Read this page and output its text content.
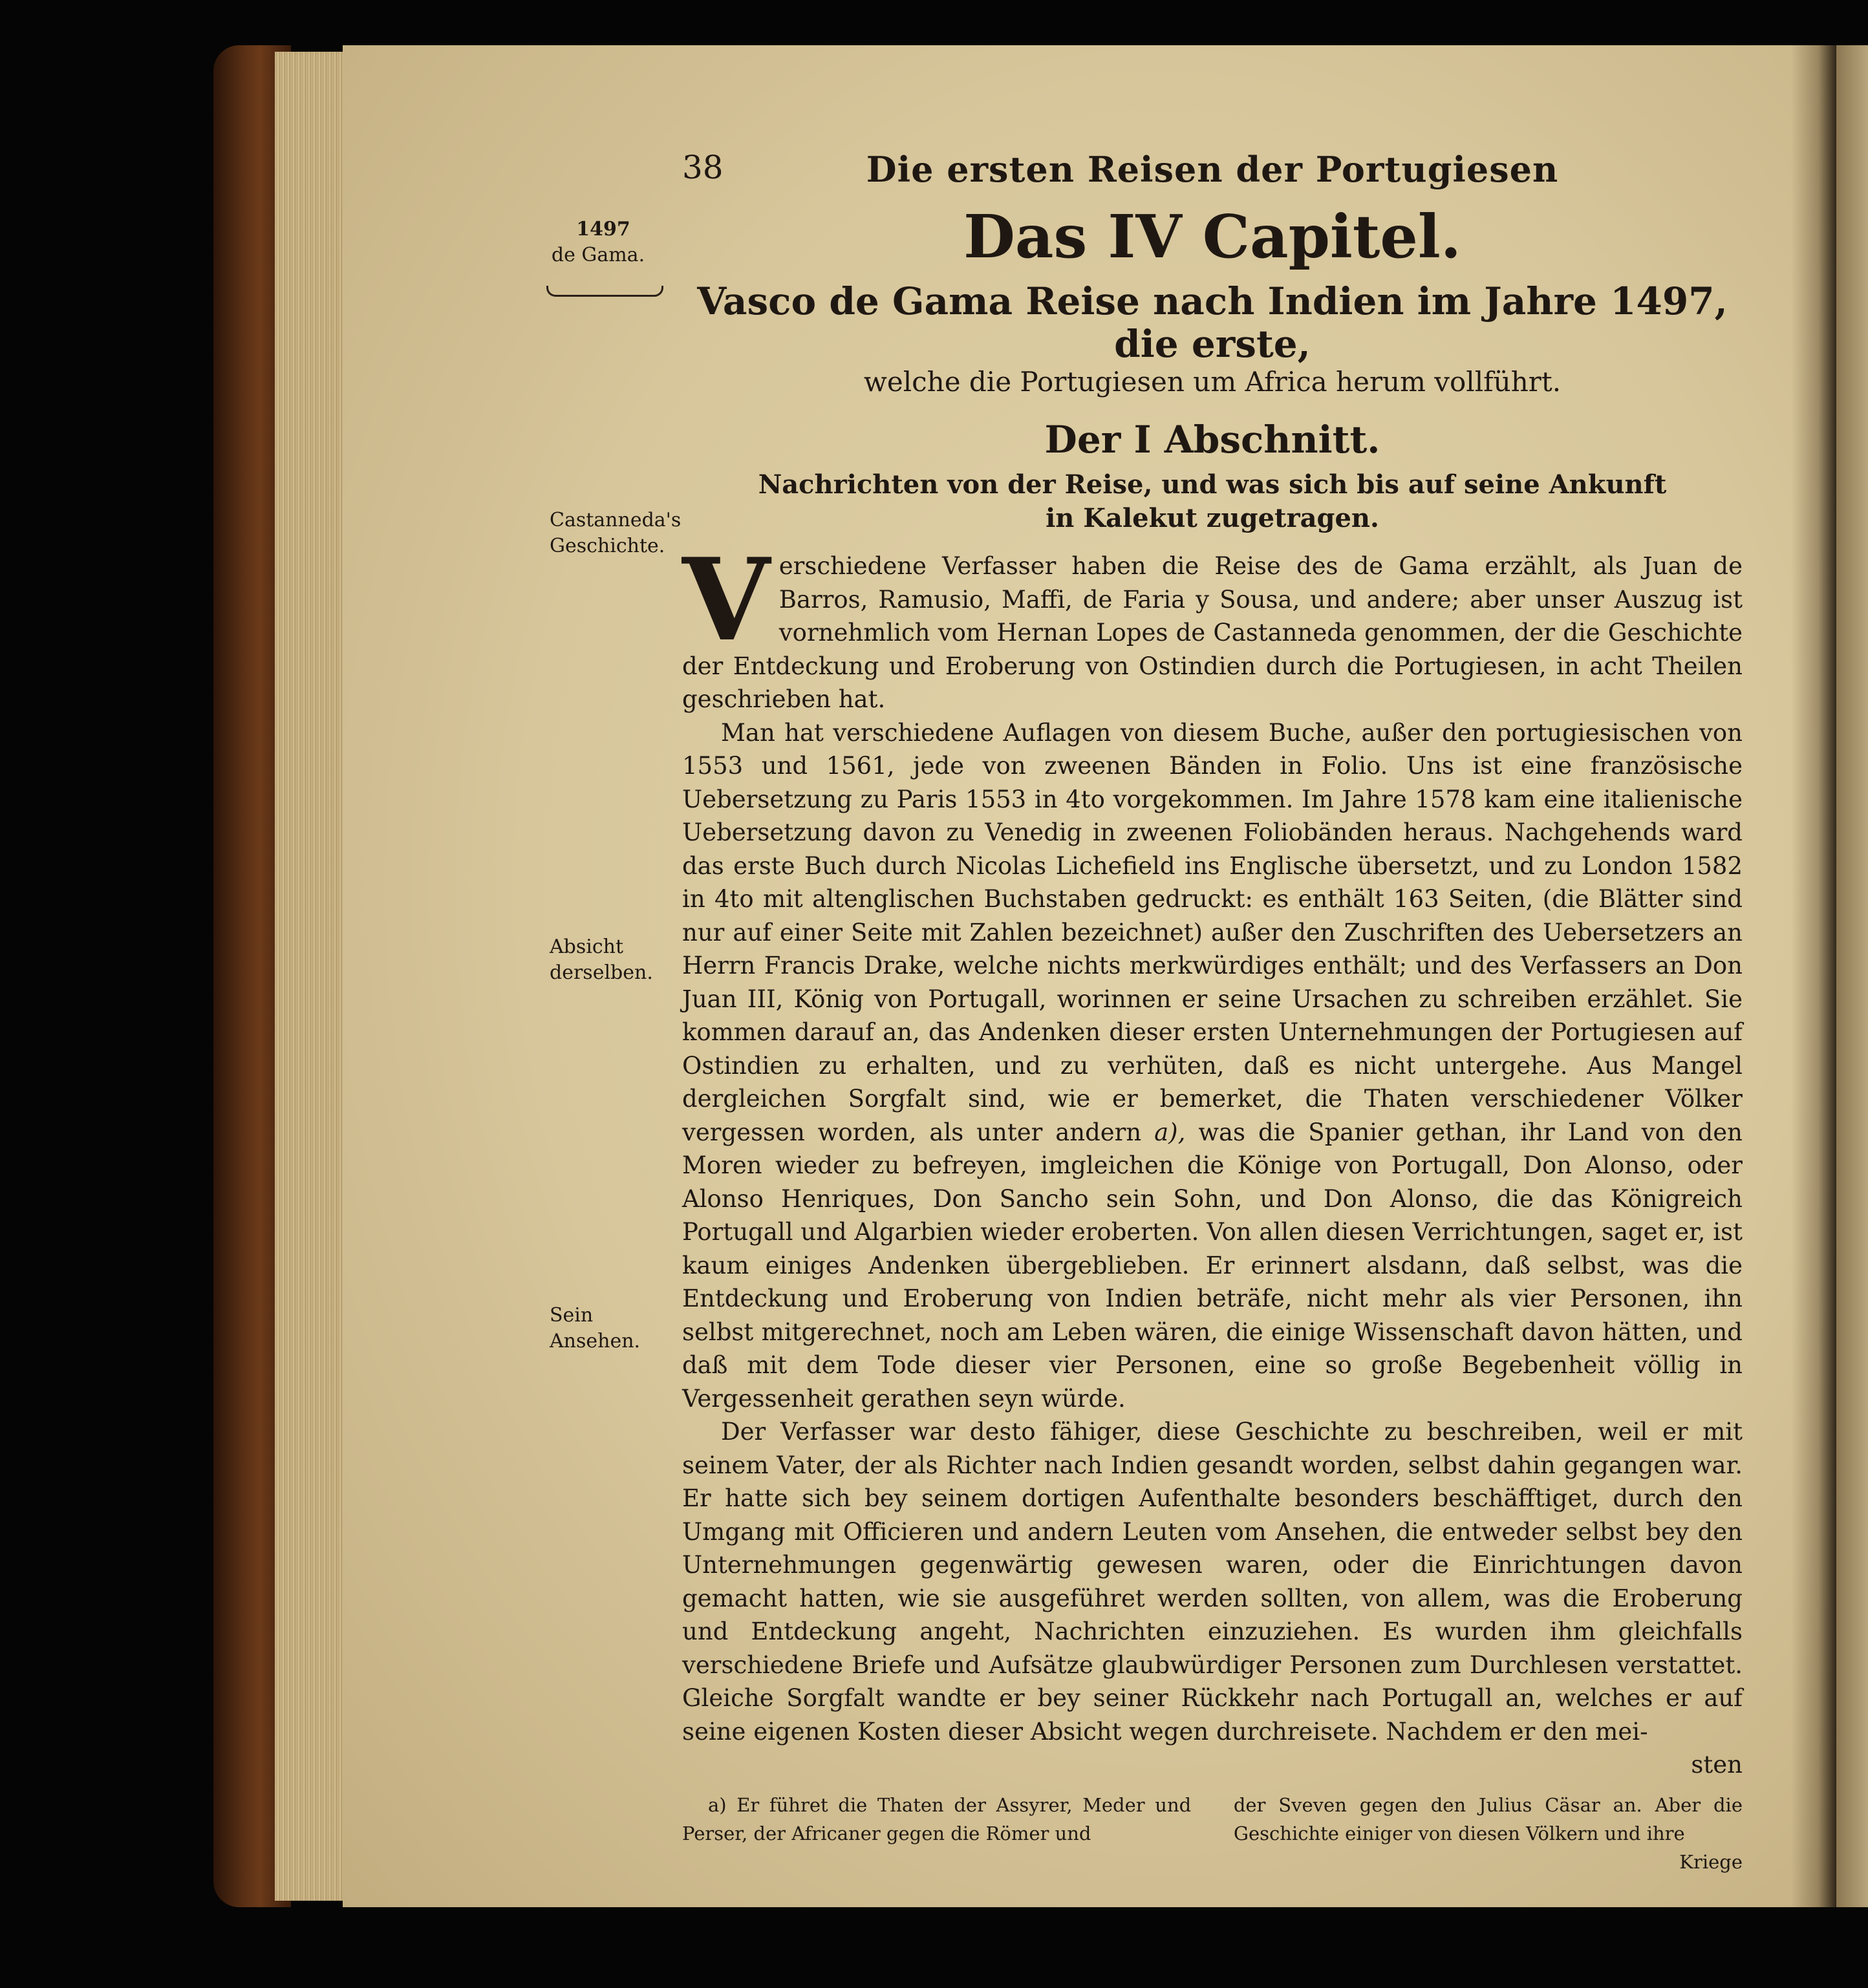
1497
de Gama.
Castanneda's Geschichte.
Absicht derselben.
Sein Ansehen.
38	Die ersten Reisen der Portugiesen
Das IV Capitel.
Vasco de Gama Reise nach Indien im Jahre 1497, die erste,
welche die Portugiesen um Africa herum vollführt.
Der I Abschnitt.
Nachrichten von der Reise, und was sich bis auf seine Ankunft
in Kalekut zugetragen.

Verschiedene Verfasser haben die Reise des de Gama erzählt, als Juan de Barros, Ramusio, Maffi, de Faria y Sousa, und andere; aber unser Auszug ist vornehmlich vom Hernan Lopes de Castanneda genommen, der die Geschichte der Entdeckung und Eroberung von Ostindien durch die Portugiesen, in acht Theilen geschrieben hat.

Man hat verschiedene Auflagen von diesem Buche, außer den portugiesischen von 1553 und 1561, jede von zweenen Bänden in Folio. Uns ist eine französische Uebersetzung zu Paris 1553 in 4to vorgekommen. Im Jahre 1578 kam eine italienische Uebersetzung davon zu Venedig in zweenen Foliobänden heraus. Nachgehends ward das erste Buch durch Nicolas Lichefield ins Englische übersetzt, und zu London 1582 in 4to mit altenglischen Buchstaben gedruckt: es enthält 163 Seiten, (die Blätter sind nur auf einer Seite mit Zahlen bezeichnet) außer den Zuschriften des Uebersetzers an Herrn Francis Drake, welche nichts merkwürdiges enthält; und des Verfassers an Don Juan III, König von Portugall, worinnen er seine Ursachen zu schreiben erzählet. Sie kommen darauf an, das Andenken dieser ersten Unternehmungen der Portugiesen auf Ostindien zu erhalten, und zu verhüten, daß es nicht untergehe. Aus Mangel dergleichen Sorgfalt sind, wie er bemerket, die Thaten verschiedener Völker vergessen worden, als unter andern a), was die Spanier gethan, ihr Land von den Moren wieder zu befreyen, imgleichen die Könige von Portugall, Don Alonso, oder Alonso Henriques, Don Sancho sein Sohn, und Don Alonso, die das Königreich Portugall und Algarbien wieder eroberten. Von allen diesen Verrichtungen, saget er, ist kaum einiges Andenken übergeblieben. Er erinnert alsdann, daß selbst, was die Entdeckung und Eroberung von Indien beträfe, nicht mehr als vier Personen, ihn selbst mitgerechnet, noch am Leben wären, die einige Wissenschaft davon hätten, und daß mit dem Tode dieser vier Personen, eine so große Begebenheit völlig in Vergessenheit gerathen seyn würde.

Der Verfasser war desto fähiger, diese Geschichte zu beschreiben, weil er mit seinem Vater, der als Richter nach Indien gesandt worden, selbst dahin gegangen war. Er hatte sich bey seinem dortigen Aufenthalte besonders beschäfftiget, durch den Umgang mit Officieren und andern Leuten vom Ansehen, die entweder selbst bey den Unternehmungen gegenwärtig gewesen waren, oder die Einrichtungen davon gemacht hatten, wie sie ausgeführet werden sollten, von allem, was die Eroberung und Entdeckung angeht, Nachrichten einzuziehen. Es wurden ihm gleichfalls verschiedene Briefe und Aufsätze glaubwürdiger Personen zum Durchlesen verstattet. Gleiche Sorgfalt wandte er bey seiner Rückkehr nach Portugall an, welches er auf seine eigenen Kosten dieser Absicht wegen durchreisete. Nachdem er den mei-

sten
a) Er führet die Thaten der Assyrer, Meder und Perser, der Africaner gegen die Römer und
der Sveven gegen den Julius Cäsar an. Aber die Geschichte einiger von diesen Völkern und ihre
Kriege
